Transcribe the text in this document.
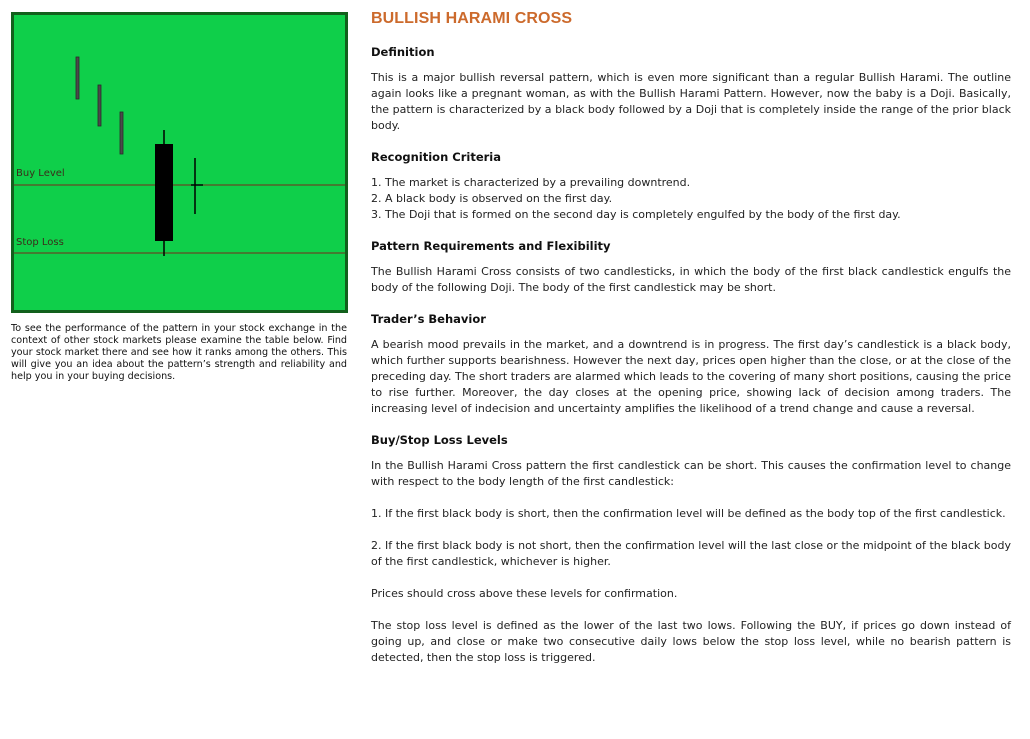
Buy Level
Stop Loss
To see the performance of the pattern in your stock exchange in the context of other stock markets please examine the table below. Find your stock market there and see how it ranks among the others. This will give you an idea about the pattern’s strength and reliability and help you in your buying decisions.
BULLISH HARAMI CROSS
Definition

This is a major bullish reversal pattern, which is even more significant than a regular Bullish Harami. The outline again looks like a pregnant woman, as with the Bullish Harami Pattern. However, now the baby is a Doji. Basically, the pattern is characterized by a black body followed by a Doji that is completely inside the range of the prior black body.

Recognition Criteria

1. The market is characterized by a prevailing downtrend.

2. A black body is observed on the first day.

3. The Doji that is formed on the second day is completely engulfed by the body of the first day.

Pattern Requirements and Flexibility

The Bullish Harami Cross consists of two candlesticks, in which the body of the first black candlestick engulfs the body of the following Doji. The body of the first candlestick may be short.

Trader’s Behavior

A bearish mood prevails in the market, and a downtrend is in progress. The first day’s candlestick is a black body, which further supports bearishness. However the next day, prices open higher than the close, or at the close of the preceding day. The short traders are alarmed which leads to the covering of many short positions, causing the price to rise further. Moreover, the day closes at the opening price, showing lack of decision among traders. The increasing level of indecision and uncertainty amplifies the likelihood of a trend change and cause a reversal.

Buy/Stop Loss Levels

In the Bullish Harami Cross pattern the first candlestick can be short. This causes the confirmation level to change with respect to the body length of the first candlestick:

1. If the first black body is short, then the confirmation level will be defined as the body top of the first candlestick.

2. If the first black body is not short, then the confirmation level will the last close or the midpoint of the black body of the first candlestick, whichever is higher.

Prices should cross above these levels for confirmation.

The stop loss level is defined as the lower of the last two lows. Following the BUY, if prices go down instead of going up, and close or make two consecutive daily lows below the stop loss level, while no bearish pattern is detected, then the stop loss is triggered.
